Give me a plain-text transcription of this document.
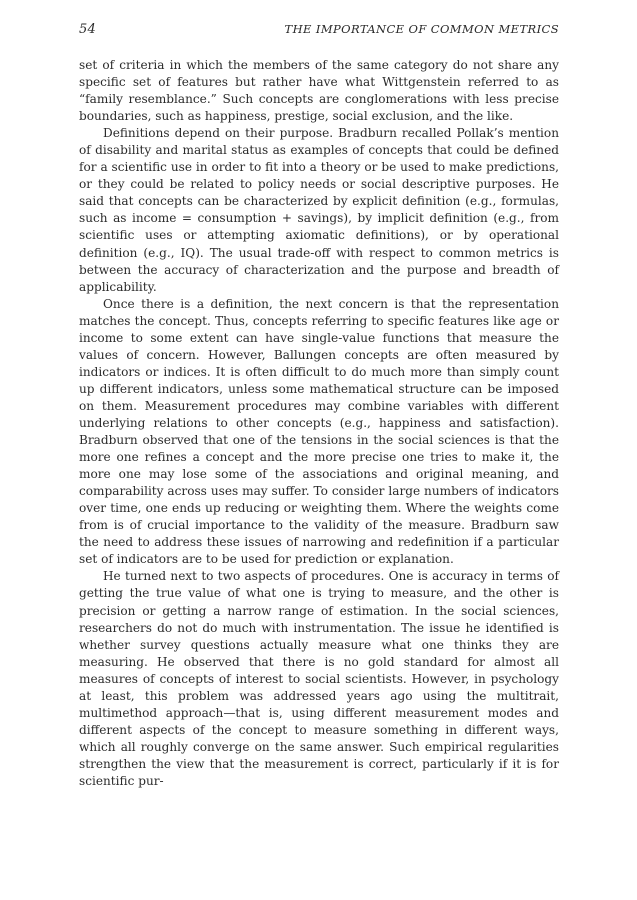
54	THE IMPORTANCE OF COMMON METRICS

set of criteria in which the members of the same category do not share any specific set of features but rather have what Wittgenstein referred to as “family resemblance.” Such concepts are conglomerations with less precise boundaries, such as happiness, prestige, social exclusion, and the like.

Definitions depend on their purpose. Bradburn recalled Pollak’s mention of disability and marital status as examples of concepts that could be defined for a scientific use in order to fit into a theory or be used to make predictions, or they could be related to policy needs or social descriptive purposes. He said that concepts can be characterized by explicit definition (e.g., formulas, such as income = consumption + savings), by implicit definition (e.g., from scientific uses or attempting axiomatic definitions), or by operational definition (e.g., IQ). The usual trade-off with respect to common metrics is between the accuracy of characterization and the purpose and breadth of applicability.

Once there is a definition, the next concern is that the representation matches the concept. Thus, concepts referring to specific features like age or income to some extent can have single-value functions that measure the values of concern. However, Ballungen concepts are often measured by indicators or indices. It is often difficult to do much more than simply count up different indicators, unless some mathematical structure can be imposed on them. Measurement procedures may combine variables with different underlying relations to other concepts (e.g., happiness and satisfaction). Bradburn observed that one of the tensions in the social sciences is that the more one refines a concept and the more precise one tries to make it, the more one may lose some of the associations and original meaning, and comparability across uses may suffer. To consider large numbers of indicators over time, one ends up reducing or weighting them. Where the weights come from is of crucial importance to the validity of the measure. Bradburn saw the need to address these issues of narrowing and redefinition if a particular set of indicators are to be used for prediction or explanation.

He turned next to two aspects of procedures. One is accuracy in terms of getting the true value of what one is trying to measure, and the other is precision or getting a narrow range of estimation. In the social sciences, researchers do not do much with instrumentation. The issue he identified is whether survey questions actually measure what one thinks they are measuring. He observed that there is no gold standard for almost all measures of concepts of interest to social scientists. However, in psychology at least, this problem was addressed years ago using the multitrait, multimethod approach—that is, using different measurement modes and different aspects of the concept to measure something in different ways, which all roughly converge on the same answer. Such empirical regularities strengthen the view that the measurement is correct, particularly if it is for scientific pur-
